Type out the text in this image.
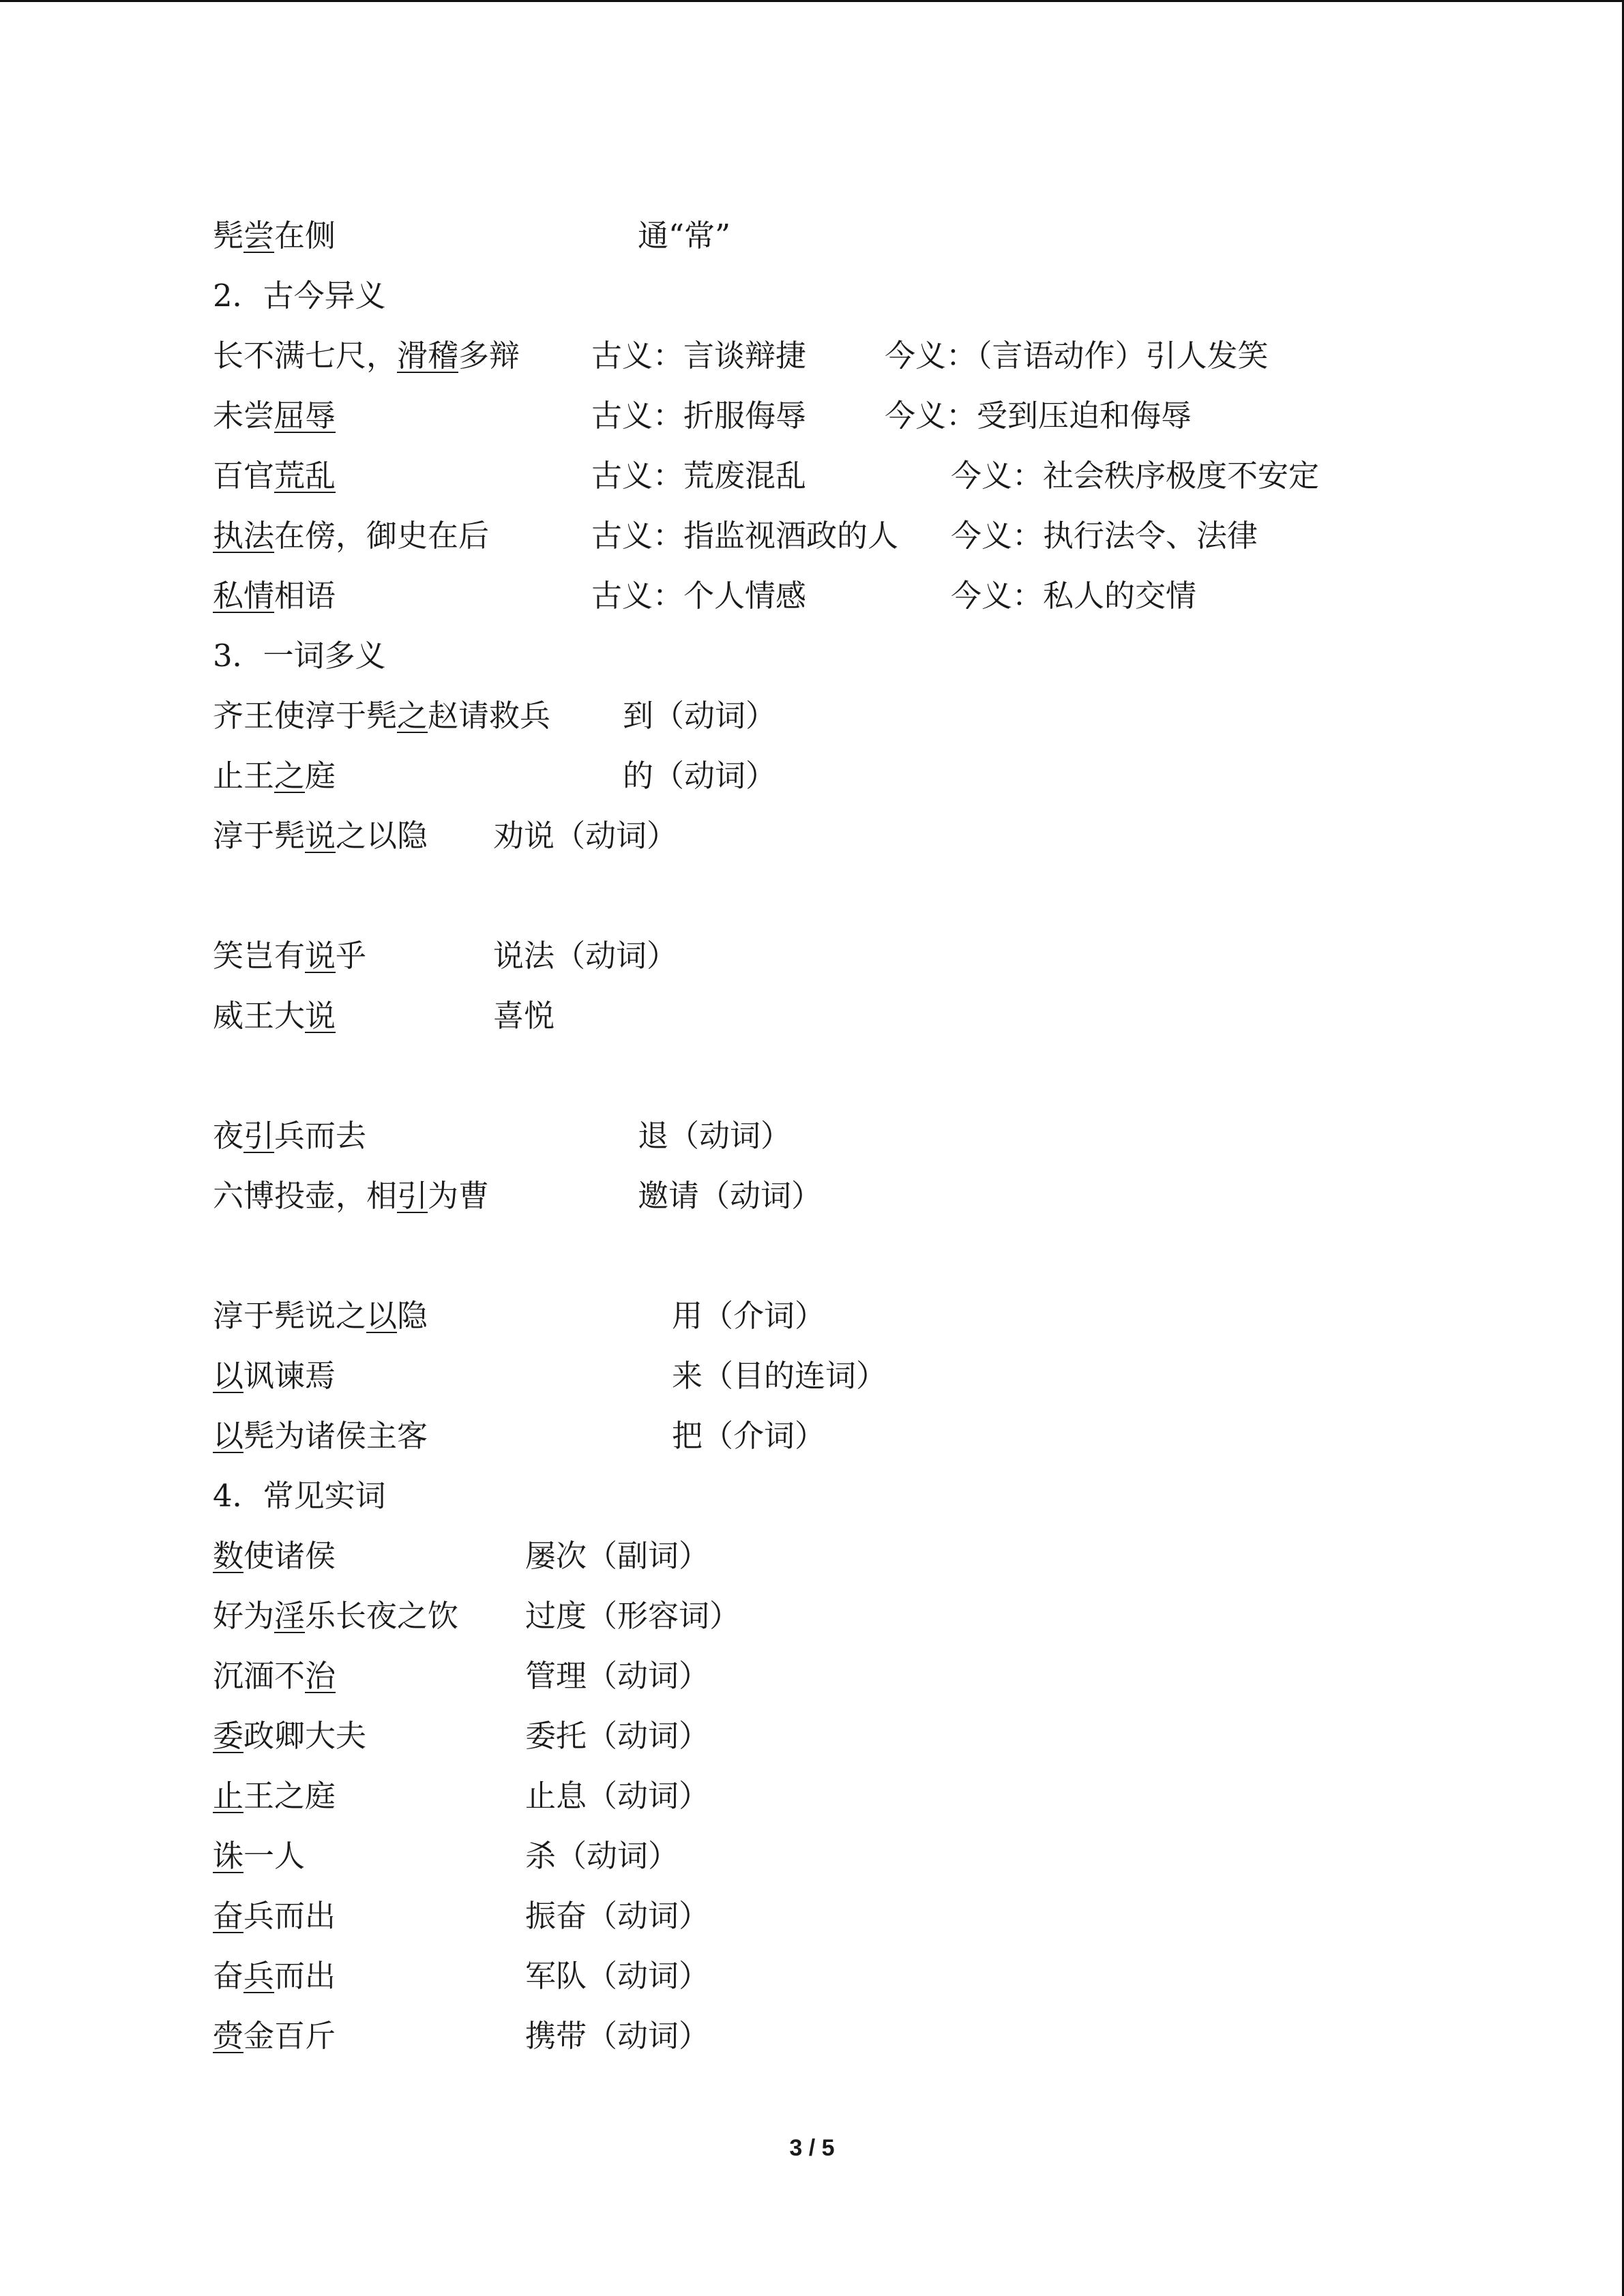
髡尝在侧	通“常”
2．古今异义
长不满七尺，滑稽多辩 古义：言谈辩捷	今义：（言语动作）引人发笑
未尝屈辱	古义：折服侮辱	今义：受到压迫和侮辱
百官荒乱	古义：荒废混乱	今义：社会秩序极度不安定
执法在傍，御史在后	古义：指监视酒政的人 今义：执行法令、法律
私情相语	古义：个人情感	今义：私人的交情
3．一词多义
齐王使淳于髡之赵请救兵 到（动词）
止王之庭	的（动词）
淳于髡说之以隐 劝说（动词）
笑岂有说乎	说法（动词）
威王大说	喜悦
夜引兵而去	退（动词）
六博投壶，相引为曹	邀请（动词）
淳于髡说之以隐	用（介词）
以讽谏焉	来（目的连词）
以髡为诸侯主客	把（介词）
4．常见实词
数使诸侯	屡次（副词）
好为淫乐长夜之饮 过度（形容词）
沉湎不治	管理（动词）
委政卿大夫	委托（动词）
止王之庭	止息（动词）
诛一人	杀（动词）
奋兵而出	振奋（动词）
奋兵而出	军队（动词）
赍金百斤	携带（动词）
3 / 5
